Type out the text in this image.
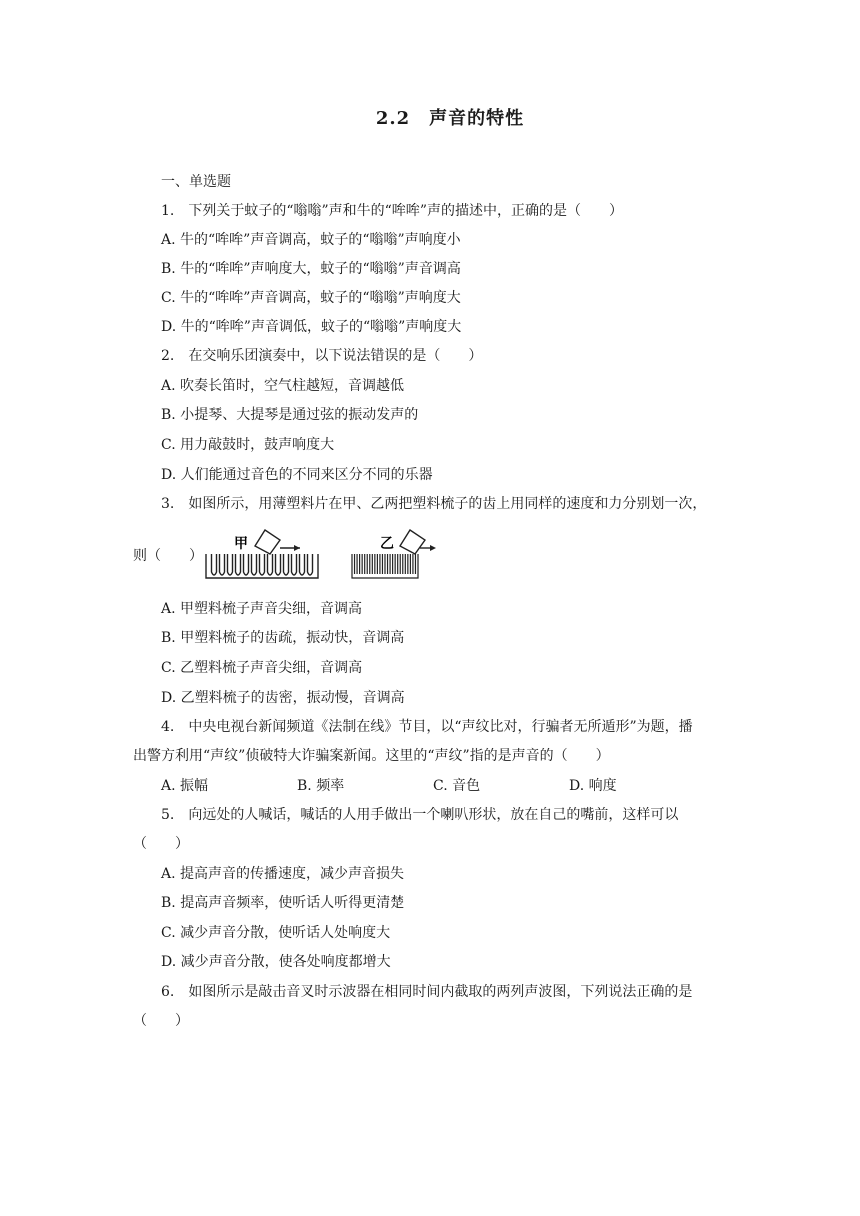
2.2　声音的特性
一、单选题
1.　下列关于蚊子的“嗡嗡”声和牛的“哞哞”声的描述中，正确的是（　　）
A. 牛的“哞哞”声音调高，蚊子的“嗡嗡”声响度小
B. 牛的“哞哞”声响度大，蚊子的“嗡嗡”声音调高
C. 牛的“哞哞”声音调高，蚊子的“嗡嗡”声响度大
D. 牛的“哞哞”声音调低，蚊子的“嗡嗡”声响度大
2.　在交响乐团演奏中，以下说法错误的是（　　）
A. 吹奏长笛时，空气柱越短，音调越低
B. 小提琴、大提琴是通过弦的振动发声的
C. 用力敲鼓时，鼓声响度大
D. 人们能通过音色的不同来区分不同的乐器
3.　如图所示，用薄塑料片在甲、乙两把塑料梳子的齿上用同样的速度和力分别划一次，
则（　　）
甲	乙
A. 甲塑料梳子声音尖细，音调高
B. 甲塑料梳子的齿疏，振动快，音调高
C. 乙塑料梳子声音尖细，音调高
D. 乙塑料梳子的齿密，振动慢，音调高
4.　中央电视台新闻频道《法制在线》节目，以“声纹比对，行骗者无所遁形”为题，播
出警方利用“声纹”侦破特大诈骗案新闻。这里的“声纹”指的是声音的（　　）
A. 振幅	B. 频率	C. 音色	D. 响度
5.　向远处的人喊话，喊话的人用手做出一个喇叭形状，放在自己的嘴前，这样可以
（　　）
A. 提高声音的传播速度，减少声音损失
B. 提高声音频率，使听话人听得更清楚
C. 减少声音分散，使听话人处响度大
D. 减少声音分散，使各处响度都增大
6.　如图所示是敲击音叉时示波器在相同时间内截取的两列声波图，下列说法正确的是
（　　）
